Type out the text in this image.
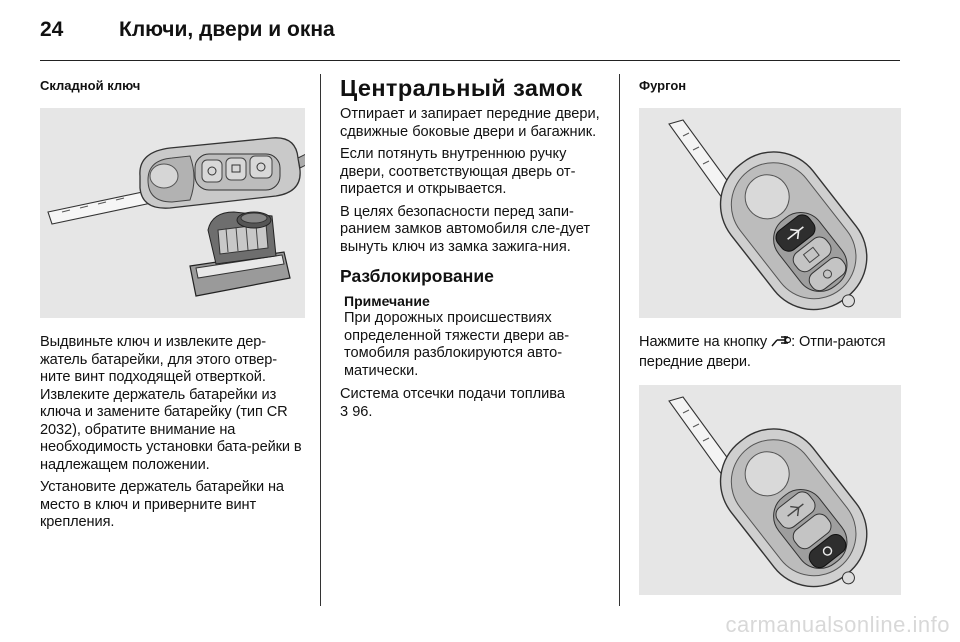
24	Ключи, двери и окна
Складной ключ

Выдвиньте ключ и извлеките дер-жатель батарейки, для этого отвер-ните винт подходящей отверткой. Извлеките держатель батарейки из ключа и замените батарейку (тип CR 2032), обратите внимание на необходимость установки бата-рейки в надлежащем положении.

Установите держатель батарейки на место в ключ и приверните винт крепления.

Центральный замок

Отпирает и запирает передние двери, сдвижные боковые двери и багажник.

Если потянуть внутреннюю ручку двери, соответствующая дверь от-пирается и открывается.

В целях безопасности перед запи-ранием замков автомобиля сле-дует вынуть ключ из замка зажига-ния.

Разблокирование
Примечание

При дорожных происшествиях определенной тяжести двери ав-томобиля разблокируются авто-матически.

Система отсечки подачи топлива
3 96.

Фургон

Нажмите на кнопку : Отпи-раются передние двери.

carmanualsonline.info
